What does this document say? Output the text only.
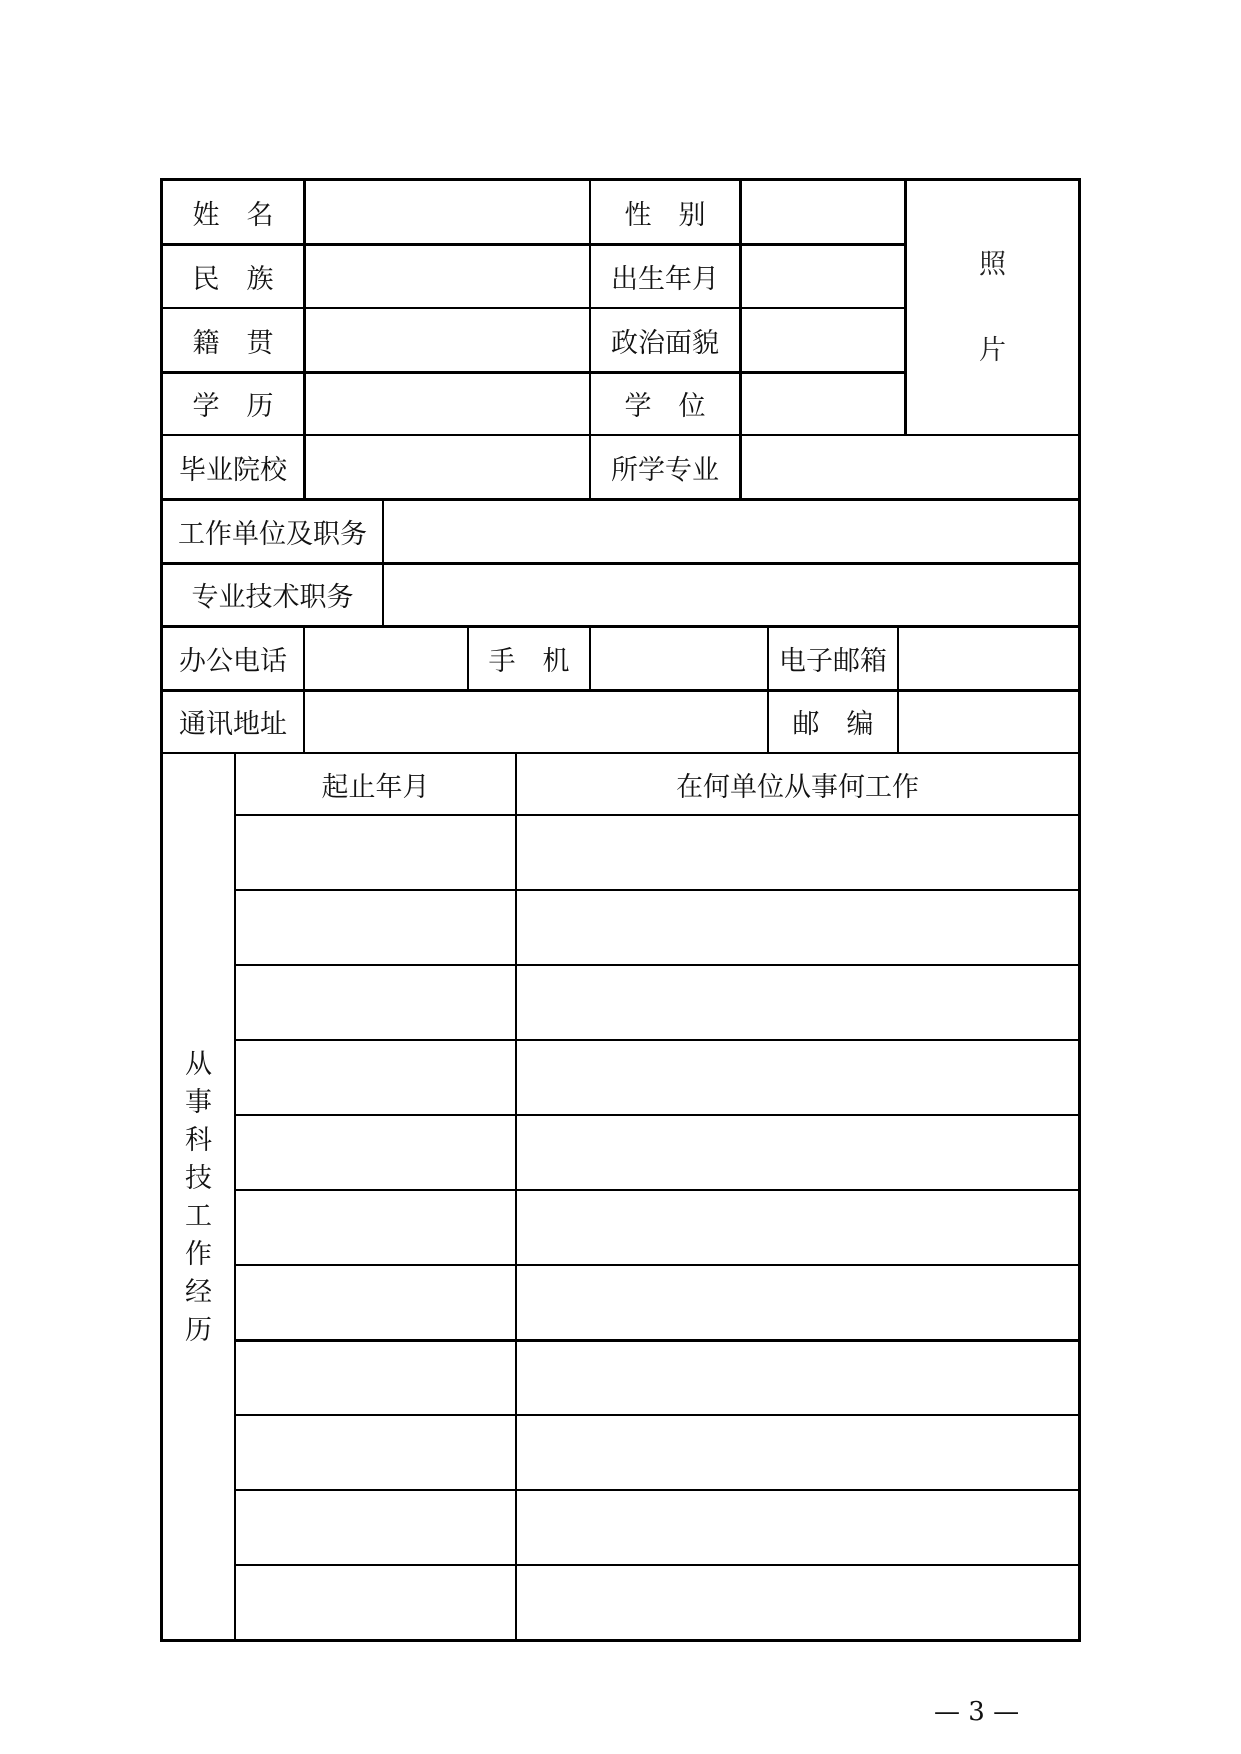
姓　名	性　别
民　族	出生年月
籍　贯	政治面貌
学　历	学　位
照
片
毕业院校	所学专业
工作单位及职务
专业技术职务
办公电话	手　机	电子邮箱
通讯地址	邮　编
从
事
科
技
工
作
经
历
起止年月	在何单位从事何工作
— 3 —
